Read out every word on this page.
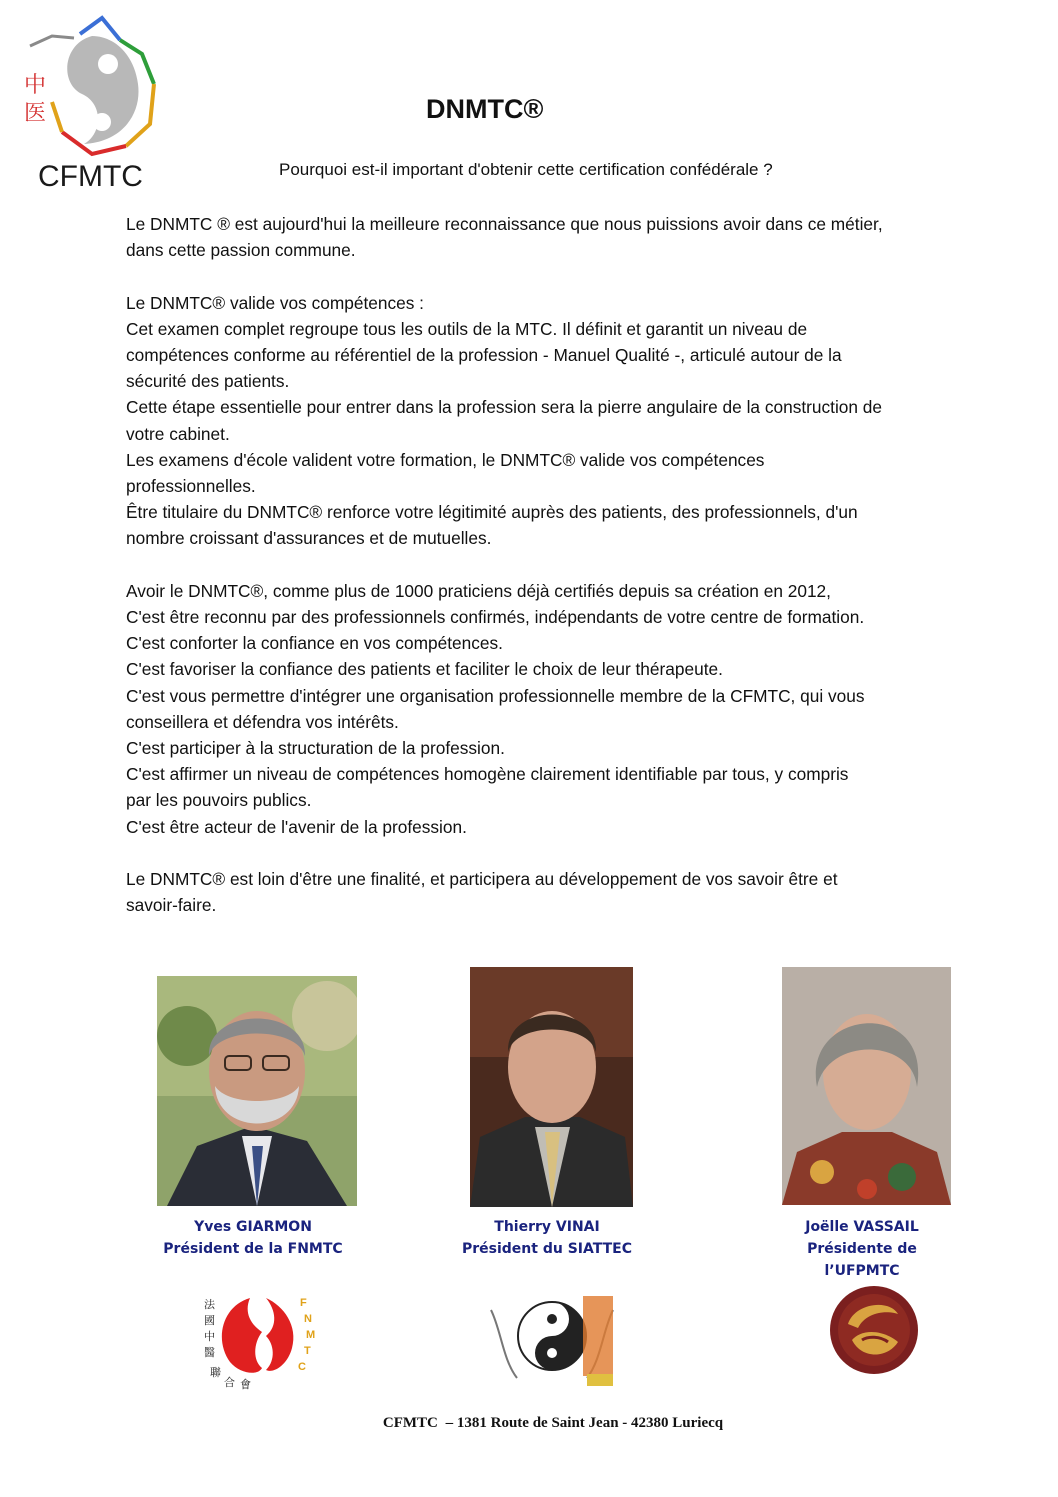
中
医
CFMTC
DNMTC®
Pourquoi est-il important d'obtenir cette certification confédérale ?

Le DNMTC ® est aujourd'hui la meilleure reconnaissance que nous puissions avoir dans ce métier,

dans cette passion commune.

Le DNMTC® valide vos compétences :

Cet examen complet regroupe tous les outils de la MTC. Il définit et garantit un niveau de

compétences conforme au référentiel de la profession - Manuel Qualité -, articulé autour de la

sécurité des patients.

Cette étape essentielle pour entrer dans la profession sera la pierre angulaire de la construction de

votre cabinet.

Les examens d'école valident votre formation, le DNMTC® valide vos compétences

professionnelles.

Être titulaire du DNMTC® renforce votre légitimité auprès des patients, des professionnels, d'un

nombre croissant d'assurances et de mutuelles.

Avoir le DNMTC®, comme plus de 1000 praticiens déjà certifiés depuis sa création en 2012,

C'est être reconnu par des professionnels confirmés, indépendants de votre centre de formation.

C'est conforter la confiance en vos compétences.

C'est favoriser la confiance des patients et faciliter le choix de leur thérapeute.

C'est vous permettre d'intégrer une organisation professionnelle membre de la CFMTC, qui vous

conseillera et défendra vos intérêts.

C'est participer à la structuration de la profession.

C'est affirmer un niveau de compétences homogène clairement identifiable par tous, y compris

par les pouvoirs publics.

C'est être acteur de l'avenir de la profession.

Le DNMTC® est loin d'être une finalité, et participera au développement de vos savoir être et

savoir-faire.

Yves GIARMON
Président de la FNMTC
Thierry VINAI
Président du SIATTEC
Joëlle VASSAIL
Présidente de l’UFPMTC
法
國
中
醫
聯
合 會
F
N
M
T
C
CFMTC – 1381 Route de Saint Jean - 42380 Luriecq
